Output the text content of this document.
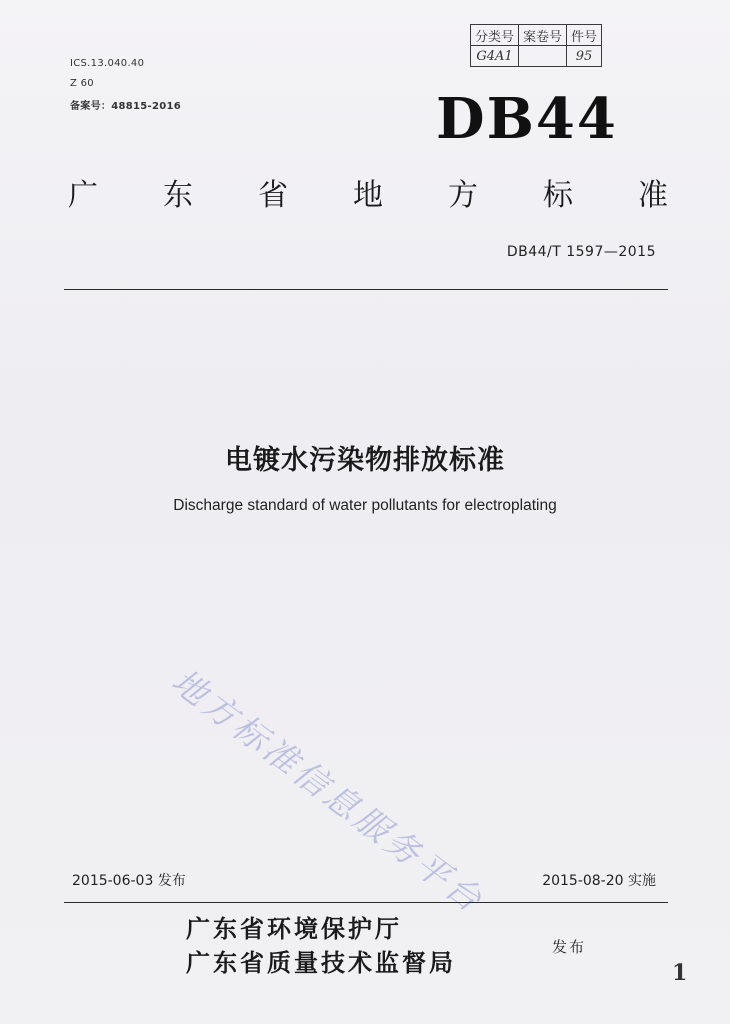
分类号	案卷号	件号
G4A1		95
ICS.13.040.40
Z 60
备案号：48815-2016	DB44
广 东 省 地 方 标 准
DB44/T 1597—2015
电镀水污染物排放标准
Discharge standard of water pollutants for electroplating
地方标准信息服务平台
2015-06-03 发布	2015-08-20 实施
广东省环境保护厅
广东省质量技术监督局
发布
1
